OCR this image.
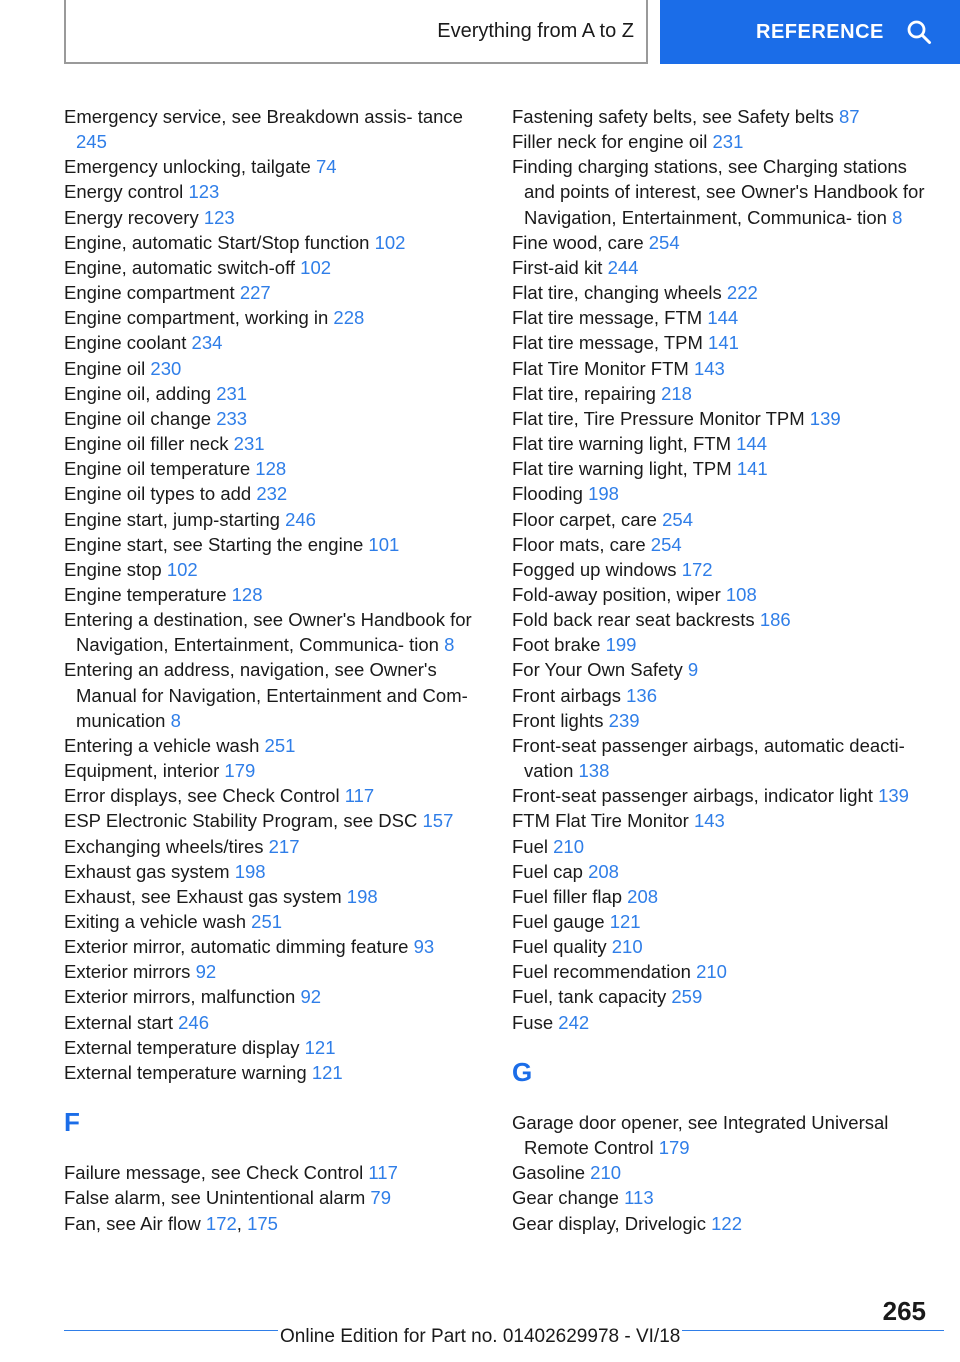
Everything from A to Z	REFERENCE
Emergency service, see Breakdown assis‐ tance 245
Emergency unlocking, tailgate 74
Energy control 123
Energy recovery 123
Engine, automatic Start/Stop function 102
Engine, automatic switch-off 102
Engine compartment 227
Engine compartment, working in 228
Engine coolant 234
Engine oil 230
Engine oil, adding 231
Engine oil change 233
Engine oil filler neck 231
Engine oil temperature 128
Engine oil types to add 232
Engine start, jump-starting 246
Engine start, see Starting the engine 101
Engine stop 102
Engine temperature 128
Entering a destination, see Owner's Handbook for Navigation, Entertainment, Communica‐ tion 8
Entering an address, navigation, see Owner's Manual for Navigation, Entertainment and Com‐ munication 8
Entering a vehicle wash 251
Equipment, interior 179
Error displays, see Check Control 117
ESP Electronic Stability Program, see DSC 157
Exchanging wheels/tires 217
Exhaust gas system 198
Exhaust, see Exhaust gas system 198
Exiting a vehicle wash 251
Exterior mirror, automatic dimming feature 93
Exterior mirrors 92
Exterior mirrors, malfunction 92
External start 246
External temperature display 121
External temperature warning 121
F
Failure message, see Check Control 117
False alarm, see Unintentional alarm 79
Fan, see Air flow 172, 175
Fastening safety belts, see Safety belts 87
Filler neck for engine oil 231
Finding charging stations, see Charging stations and points of interest, see Owner's Handbook for Navigation, Entertainment, Communica‐ tion 8
Fine wood, care 254
First-aid kit 244
Flat tire, changing wheels 222
Flat tire message, FTM 144
Flat tire message, TPM 141
Flat Tire Monitor FTM 143
Flat tire, repairing 218
Flat tire, Tire Pressure Monitor TPM 139
Flat tire warning light, FTM 144
Flat tire warning light, TPM 141
Flooding 198
Floor carpet, care 254
Floor mats, care 254
Fogged up windows 172
Fold-away position, wiper 108
Fold back rear seat backrests 186
Foot brake 199
For Your Own Safety 9
Front airbags 136
Front lights 239
Front-seat passenger airbags, automatic deacti‐ vation 138
Front-seat passenger airbags, indicator light 139
FTM Flat Tire Monitor 143
Fuel 210
Fuel cap 208
Fuel filler flap 208
Fuel gauge 121
Fuel quality 210
Fuel recommendation 210
Fuel, tank capacity 259
Fuse 242
G
Garage door opener, see Integrated Universal Remote Control 179
Gasoline 210
Gear change 113
Gear display, Drivelogic 122
265
Online Edition for Part no. 01402629978 - VI/18
